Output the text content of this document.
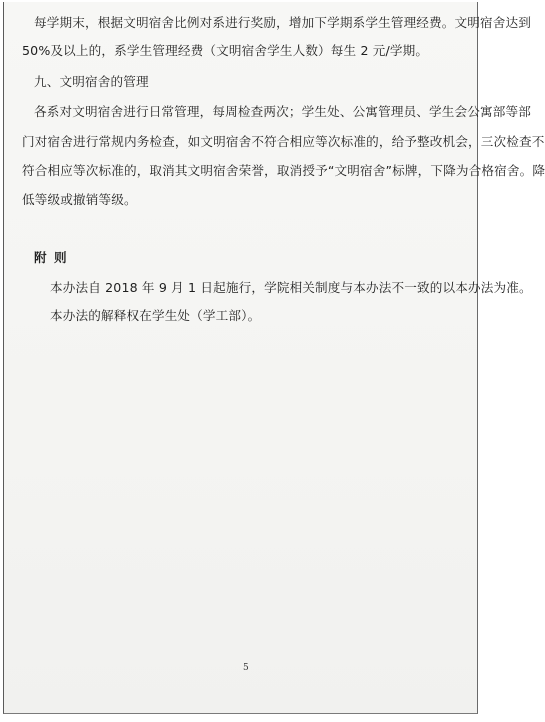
每学期末，根据文明宿舍比例对系进行奖励，增加下学期系学生管理经费。文明宿舍达到
50%及以上的，系学生管理经费（文明宿舍学生人数）每生 2 元/学期。
九、文明宿舍的管理
各系对文明宿舍进行日常管理，每周检查两次；学生处、公寓管理员、学生会公寓部等部
门对宿舍进行常规内务检查，如文明宿舍不符合相应等次标准的，给予整改机会，三次检查不
符合相应等次标准的，取消其文明宿舍荣誉，取消授予“文明宿舍”标牌，下降为合格宿舍。降
低等级或撤销等级。
附 则
本办法自 2018 年 9 月 1 日起施行，学院相关制度与本办法不一致的以本办法为准。
本办法的解释权在学生处（学工部）。
5
